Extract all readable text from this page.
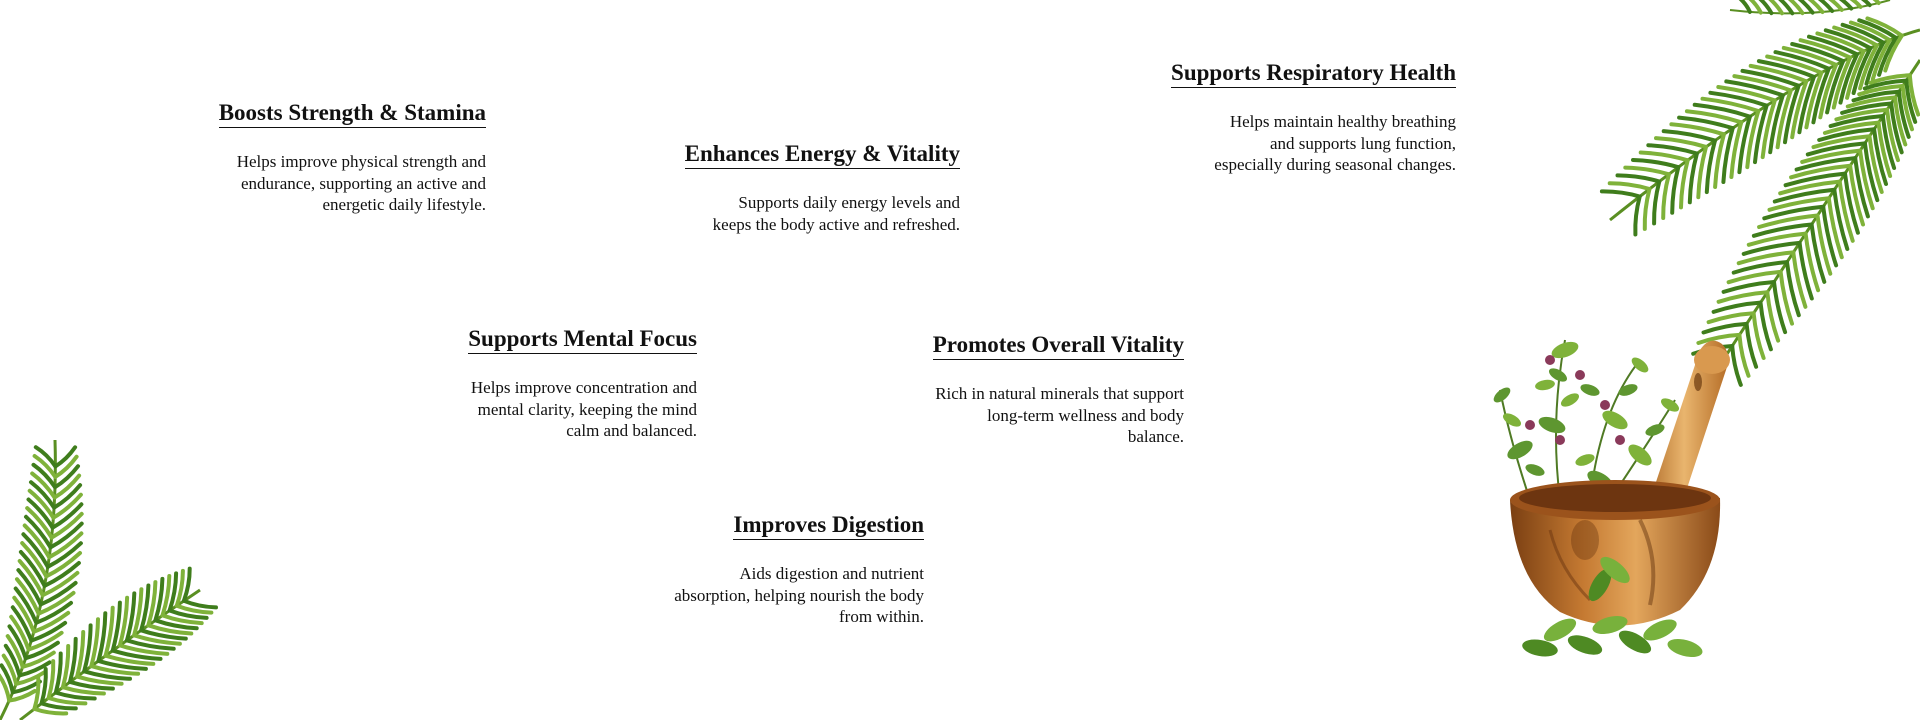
Boosts Strength & Stamina
Helps improve physical strength and
endurance, supporting an active and
energetic daily lifestyle.
Enhances Energy & Vitality
Supports daily energy levels and
keeps the body active and refreshed.
Supports Respiratory Health
Helps maintain healthy breathing
and supports lung function,
especially during seasonal changes.
Supports Mental Focus
Helps improve concentration and
mental clarity, keeping the mind
calm and balanced.
Promotes Overall Vitality
Rich in natural minerals that support
long-term wellness and body
balance.
Improves Digestion
Aids digestion and nutrient
absorption, helping nourish the body
from within.
